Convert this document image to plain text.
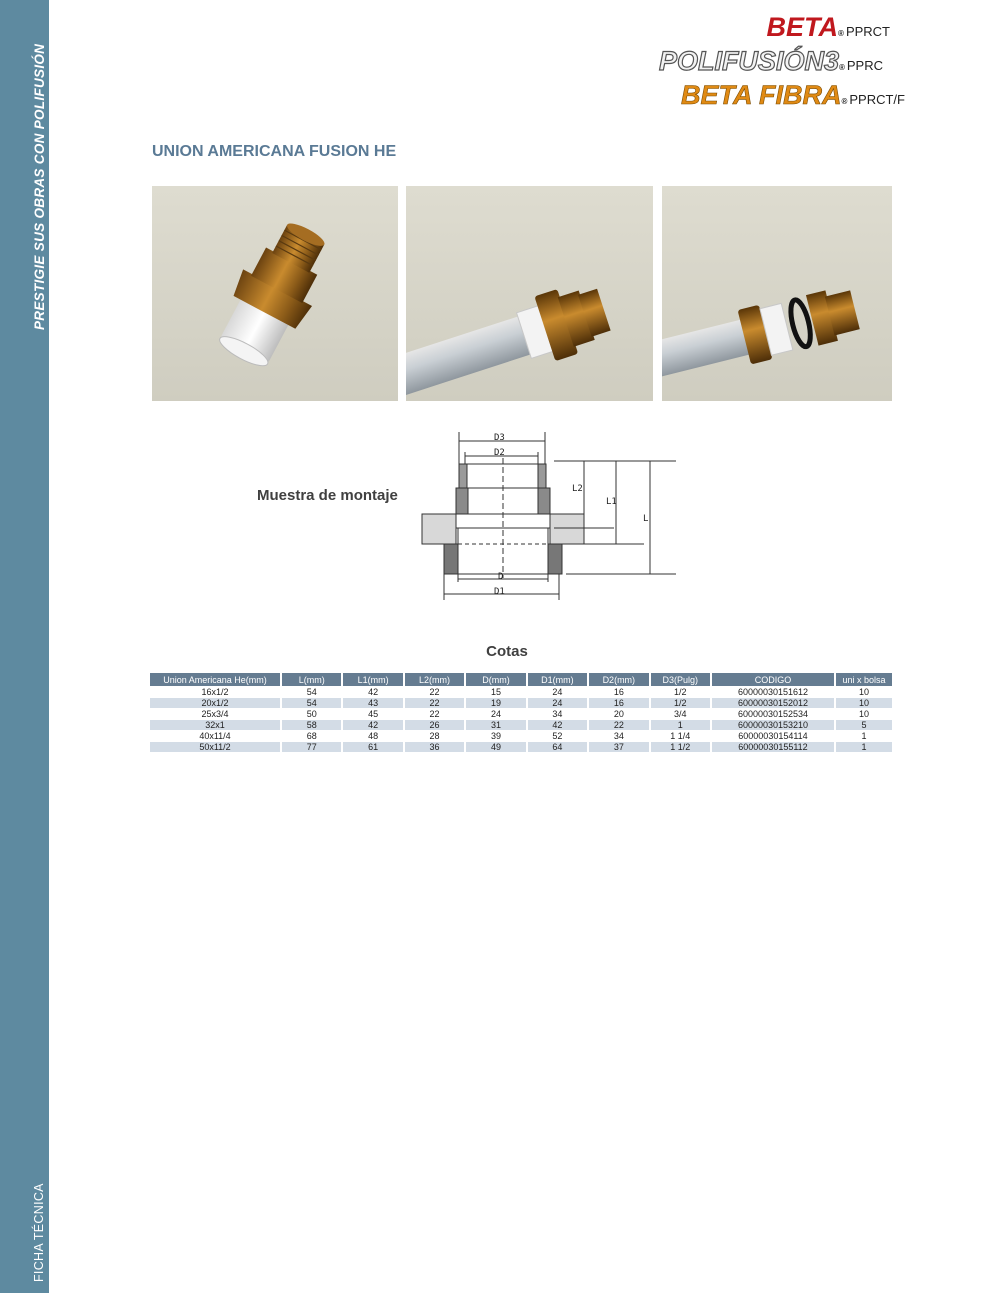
PRESTIGIE SUS OBRAS CON POLIFUSIÓN
FICHA TÉCNICA
BETA® PPRCT
POLIFUSIÓN3® PPRC
BETA FIBRA® PPRCT/F
UNION AMERICANA FUSION HE
Muestra de montaje
D3
D2
D
D1
L2
L1
L
Cotas
Union Americana He(mm)	L(mm)	L1(mm)	L2(mm)	D(mm)	D1(mm)	D2(mm)	D3(Pulg)	CODIGO	uni x bolsa
16x1/2	54	42	22	15	24	16	1/2	60000030151612	10
20x1/2	54	43	22	19	24	16	1/2	60000030152012	10
25x3/4	50	45	22	24	34	20	3/4	60000030152534	10
32x1	58	42	26	31	42	22	1	60000030153210	5
40x11/4	68	48	28	39	52	34	1 1/4	60000030154114	1
50x11/2	77	61	36	49	64	37	1 1/2	60000030155112	1
